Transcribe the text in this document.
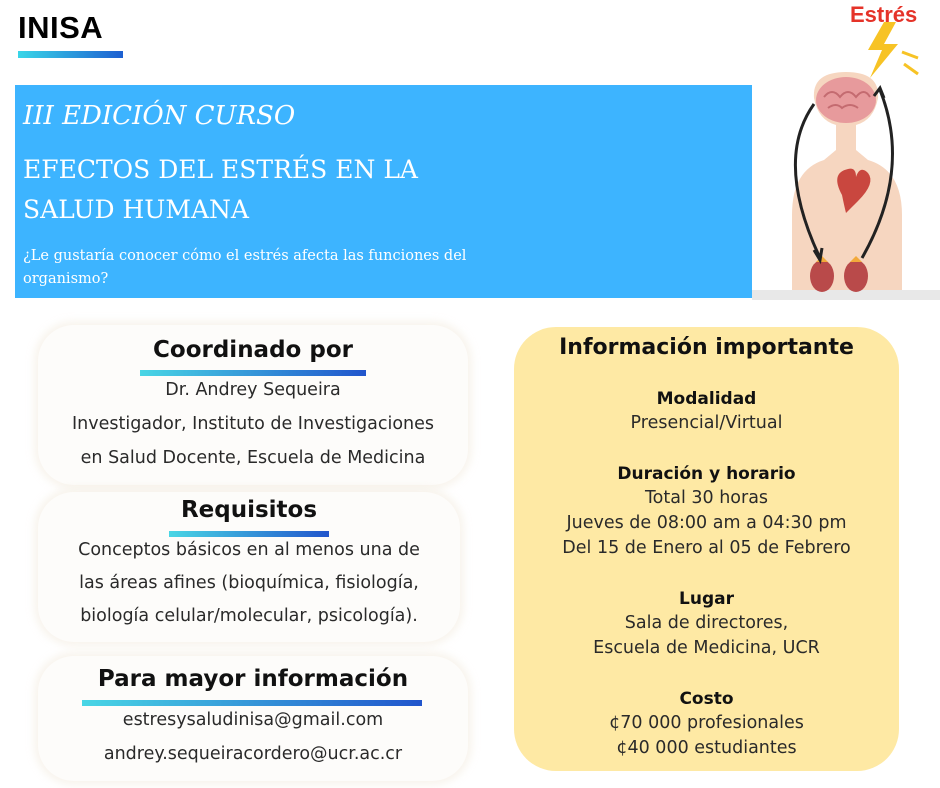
INISA
III EDICIÓN CURSO
EFECTOS DEL ESTRÉS EN LA
SALUD HUMANA
¿Le gustaría conocer cómo el estrés afecta las funciones del organismo?
Estrés
Coordinado por
Dr. Andrey Sequeira
Investigador, Instituto de Investigaciones
en Salud Docente, Escuela de Medicina
Requisitos
Conceptos básicos en al menos una de
las áreas afines (bioquímica, fisiología,
biología celular/molecular, psicología).
Para mayor información
estresysaludinisa@gmail.com
andrey.sequeiracordero@ucr.ac.cr
Información importante
Modalidad
Presencial/Virtual
Duración y horario
Total 30 horas
Jueves de 08:00 am a 04:30 pm
Del 15 de Enero al 05 de Febrero
Lugar
Sala de directores,
Escuela de Medicina, UCR
Costo
¢70 000 profesionales
¢40 000 estudiantes
